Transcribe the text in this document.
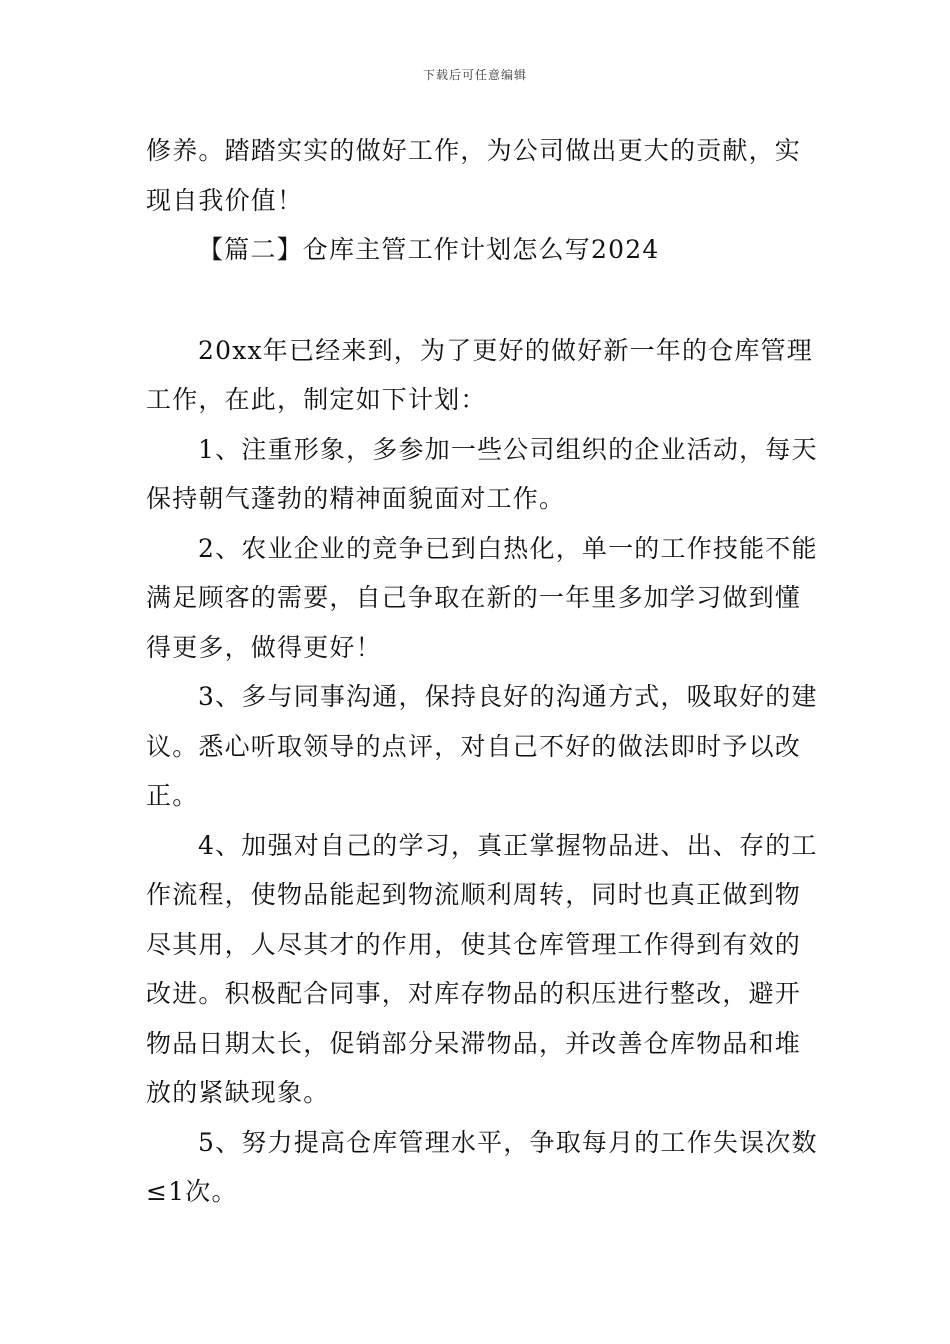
下载后可任意编辑
修养。踏踏实实的做好工作，为公司做出更大的贡献，实
现自我价值！
【篇二】仓库主管工作计划怎么写2024
20xx年已经来到，为了更好的做好新一年的仓库管理
工作，在此，制定如下计划：
1、注重形象，多参加一些公司组织的企业活动，每天
保持朝气蓬勃的精神面貌面对工作。
2、农业企业的竞争已到白热化，单一的工作技能不能
满足顾客的需要，自己争取在新的一年里多加学习做到懂
得更多，做得更好！
3、多与同事沟通，保持良好的沟通方式，吸取好的建
议。悉心听取领导的点评，对自己不好的做法即时予以改
正。
4、加强对自己的学习，真正掌握物品进、出、存的工
作流程，使物品能起到物流顺利周转，同时也真正做到物
尽其用，人尽其才的作用，使其仓库管理工作得到有效的
改进。积极配合同事，对库存物品的积压进行整改，避开
物品日期太长，促销部分呆滞物品，并改善仓库物品和堆
放的紧缺现象。
5、努力提高仓库管理水平，争取每月的工作失误次数
≤1次。
